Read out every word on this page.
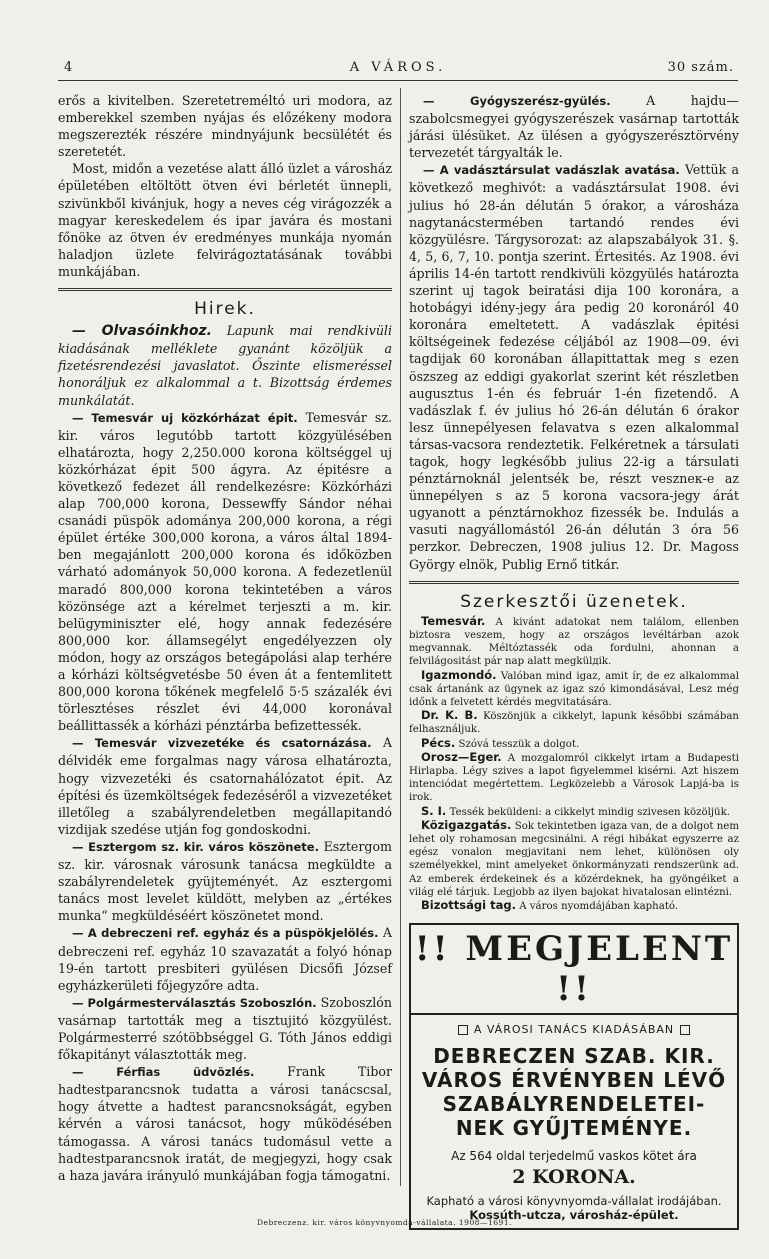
4	A VÁROS.	30 szám.

erős a kivitelben. Szeretetreméltó uri modora, az emberekkel szemben nyájas és előzékeny modora megszerezték részére mindnyájunk becsülétét és szeretetét.

Most, midőn a vezetése alatt álló üzlet a városház épületében eltöltött ötven évi bérletét ünnepli, szivünkből kivánjuk, hogy a neves cég virágozzék a magyar kereskedelem és ipar javára és mostani főnöke az ötven év eredményes munkája nyomán haladjon üzlete felvirágoztatásának további munkájában.

Hirek.

— Olvasóinkhoz. Lapunk mai rendkivüli kiadásának melléklete gyanánt közöljük a fizetésrendezési javaslatot. Őszinte elismeréssel honoráljuk ez alkalommal a t. Bizottság érdemes munkálatát.

— Temesvár uj közkórházat épit. Temesvár sz. kir. város legutóbb tartott közgyülésében elhatározta, hogy 2,250.000 korona költséggel uj közkórházat épit 500 ágyra. Az épitésre a következő fedezet áll rendelkezésre: Közkórházi alap 700,000 korona, Dessewffy Sándor néhai csanádi püspök adománya 200,000 korona, a régi épület értéke 300,000 korona, a város által 1894-ben megajánlott 200,000 korona és időközben várható adományok 50,000 korona. A fedezetlenül maradó 800,000 korona tekintetében a város közönsége azt a kérelmet terjeszti a m. kir. belügyminiszter elé, hogy annak fedezésére 800,000 kor. államsegélyt engedélyezzen oly módon, hogy az országos betegápolási alap terhére a kórházi költségvetésbe 50 éven át a fentemlitett 800,000 korona tőkének megfelelő 5·5 százalék évi törlesztéses részlet évi 44,000 koronával beállittassék a kórházi pénztárba befizettessék.

— Temesvár vizvezetéke és csatornázása. A délvidék eme forgalmas nagy városa elhatározta, hogy vizvezetéki és csatornahálózatot épit. Az építési és üzemköltségek fedezéséről a vizvezetéket illetőleg a szabályrendeletben megállapitandó vizdijak szedése utján fog gondoskodni.

— Esztergom sz. kir. város köszönete. Esztergom sz. kir. városnak városunk tanácsa megküldte a szabályrendeletek gyüjteményét. Az esztergomi tanács most levelet küldött, melyben az „értékes munka“ megküldéséért köszönetet mond.

— A debreczeni ref. egyház és a püspökjelölés. A debreczeni ref. egyház 10 szavazatát a folyó hónap 19-én tartott presbiteri gyülésen Dicsőfi József egyházkerületi főjegyzőre adta.

— Polgármesterválasztás Szoboszlón. Szoboszlón vasárnap tartották meg a tisztujitó közgyülést. Polgármesterré szótöbbséggel G. Tóth János eddigi főkapitányt választották meg.

— Férfias üdvözlés.	Frank Tibor hadtestparancsnok tudatta a városi tanácscsal, hogy átvette a hadtest parancsnokságát, egyben kérvén a városi tanácsot, hogy működésében támogassa. A városi tanács tudomásul vette a hadtestparancsnok iratát, de megjegyzi, hogy csak a haza javára irányuló munkájában fogja támogatni.

— Gyógyszerész-gyülés.	A hajdu—szabolcsmegyei gyógyszerészek vasárnap tartották járási ülésüket. Az ülésen a gyógyszerésztörvény tervezetét tárgyalták le.

— A vadásztársulat vadászlak avatása. Vettük a következő meghivót: a vadásztársulat 1908. évi julius hó 28-án délután 5 órakor, a városháza nagytanácstermében tartandó rendes évi közgyülésre. Tárgysorozat: az alapszabályok 31. §. 4, 5, 6, 7, 10. pontja szerint. Értesités. Az 1908. évi április 14-én tartott rendkivüli közgyülés határozta szerint uj tagok beiratási dija 100 koronára, a hotobágyi idény-jegy ára pedig 20 koronáról 40 koronára emeltetett. A vadászlak épitési költségeinek fedezése céljából az 1908—09. évi tagdijak 60 koronában állapittattak meg s ezen öszszeg az eddigi gyakorlat szerint két részletben augusztus 1-én és február 1-én fizetendő. A vadászlak f. év julius hó 26-án délután 6 órakor lesz ünnepélyesen felavatva s ezen alkalommal társas-vacsora rendeztetik. Felkéretnek a társulati tagok, hogy legkésőbb julius 22-ig a társulati pénztárnoknál jelentsék be, részt veszneк-e az ünnepélyen s az 5 korona vacsora-jegy árát ugyanott a pénztárnokhoz fizessék be. Indulás a vasuti nagyállomástól 26-án délután 3 óra 56 perzkor. Debreczen, 1908 julius 12. Dr. Magoss György elnök, Publig Ernő titkár.

Szerkesztői üzenetek.

Temesvár. A kivánt adatokat nem találom, ellenben biztosra veszem, hogy az országos levéltárban azok megvannak. Méltóztassék oda fordulni, ahonnan a felvilágositást pár nap alatt megkülдik.

Igazmondó. Valóban mind igaz, amit ír, de ez alkalommal csak ártanánk az ügynek az igaz szó kimondásával, Lesz még időnk a felvetett kérdés megvitatására.

Dr. K. B. Köszönjük a cikkelyt, lapunk későbbi számában felhasználjuk.

Pécs. Szóvá tesszük a dolgot.

Orosz—Eger. A mozgalomról cikkelyt irtam a Budapesti Hirlapba. Légy szives a lapot figyelemmel kisérni. Azt hiszem intenciódat megértettem. Legközelebb a Városok Lapjá-ba is irok.

S. I. Tessék beküldeni: a cikkelyt mindig szivesen közöljük.

Közigazgatás. Sok tekintetben igaza van, de a dolgot nem lehet oly rohamosan megcsinálni. A régi hibákat egyszerre az egész vonalon megjavitani nem lehet, különösen oly személyekkel, mint amelyeket önkormányzati rendszerünk ad. Az emberek érdekeinek és a közérdeknek, ha gyöngéiket a világ elé tárjuk. Legjobb az ilyen bajokat hivatalosan elintézni.

Bizottsági tag. A város nyomdájában kapható.

!! MEGJELENT !!
A VÁROSI TANÁCS KIADÁSÁBAN
DEBRECZEN SZAB. KIR.
VÁROS ÉRVÉNYBEN LÉVŐ
SZABÁLYRENDELETEI-
NEK GYŰJTEMÉNYE.
Az 564 oldal terjedelmű vaskos kötet ára
2 KORONA.
Kapható a városi könyvnyomda-vállalat irodájában. Kossúth-utcza, városház-épület.
Debreczenz. kir. város könyvnyomda-vállalata. 1908—1691.
